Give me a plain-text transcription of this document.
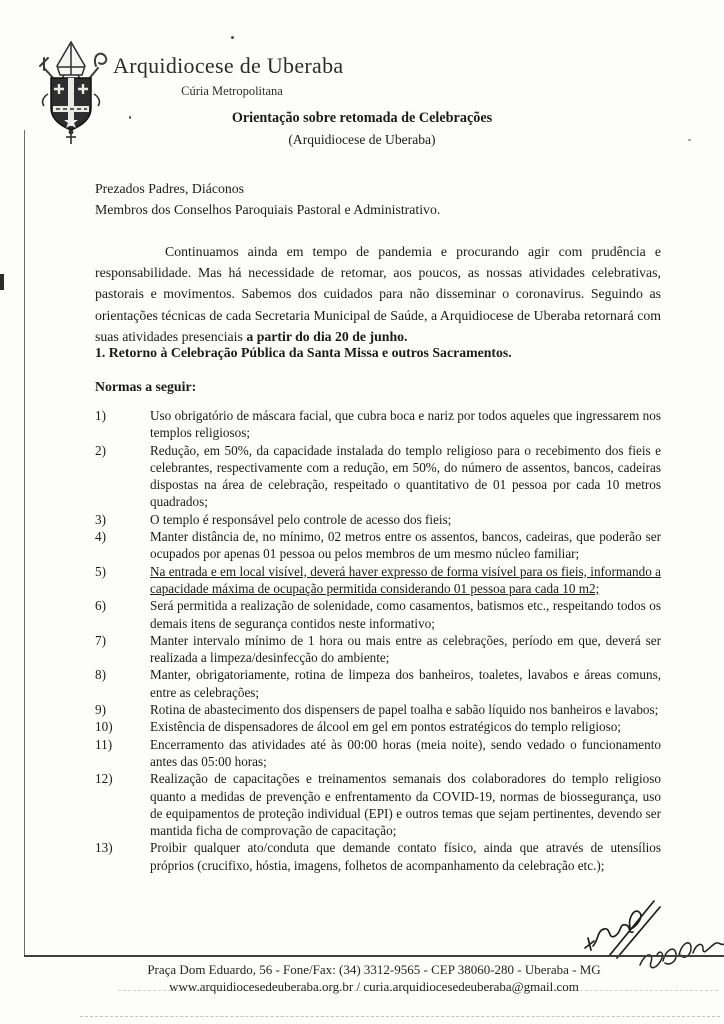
Arquidiocese de Uberaba
Cúria Metropolitana
Orientação sobre retomada de Celebrações
(Arquidiocese de Uberaba)
Prezados Padres, Diáconos
Membros dos Conselhos Paroquiais Pastoral e Administrativo.
Continuamos ainda em tempo de pandemia e procurando agir com prudência e responsabilidade. Mas há necessidade de retomar, aos poucos, as nossas atividades celebrativas, pastorais e movimentos. Sabemos dos cuidados para não disseminar o coronavirus. Seguindo as orientações técnicas de cada Secretaria Municipal de Saúde, a Arquidiocese de Uberaba retornará com suas atividades presenciais a partir do dia 20 de junho.
1. Retorno à Celebração Pública da Santa Missa e outros Sacramentos.
Normas a seguir:
1)	Uso obrigatório de máscara facial, que cubra boca e nariz por todos aqueles que ingressarem nos templos religiosos;
2)	Redução, em 50%, da capacidade instalada do templo religioso para o recebimento dos fieis e celebrantes, respectivamente com a redução, em 50%, do número de assentos, bancos, cadeiras dispostas na área de celebração, respeitado o quantitativo de 01 pessoa por cada 10 metros quadrados;
3)	O templo é responsável pelo controle de acesso dos fieis;
4)	Manter distância de, no mínimo, 02 metros entre os assentos, bancos, cadeiras, que poderão ser ocupados por apenas 01 pessoa ou pelos membros de um mesmo núcleo familiar;
5)	Na entrada e em local visível, deverá haver expresso de forma visível para os fieis, informando a capacidade máxima de ocupação permitida considerando 01 pessoa para cada 10 m2;
6)	Será permitida a realização de solenidade, como casamentos, batismos etc., respeitando todos os demais itens de segurança contidos neste informativo;
7)	Manter intervalo mínimo de 1 hora ou mais entre as celebrações, período em que, deverá ser realizada a limpeza/desinfecção do ambiente;
8)	Manter, obrigatoriamente, rotina de limpeza dos banheiros, toaletes, lavabos e áreas comuns, entre as celebrações;
9)	Rotina de abastecimento dos dispensers de papel toalha e sabão líquido nos banheiros e lavabos;
10)	Existência de dispensadores de álcool em gel em pontos estratégicos do templo religioso;
11)	Encerramento das atividades até às 00:00 horas (meia noite), sendo vedado o funcionamento antes das 05:00 horas;
12)	Realização de capacitações e treinamentos semanais dos colaboradores do templo religioso quanto a medidas de prevenção e enfrentamento da COVID-19, normas de biossegurança, uso de equipamentos de proteção individual (EPI) e outros temas que sejam pertinentes, devendo ser mantida ficha de comprovação de capacitação;
13)	Proibir qualquer ato/conduta que demande contato físico, ainda que através de utensílios próprios (crucifixo, hóstia, imagens, folhetos de acompanhamento da celebração etc.);
Praça Dom Eduardo, 56 - Fone/Fax: (34) 3312-9565 - CEP 38060-280 - Uberaba - MG
www.arquidiocesedeuberaba.org.br / curia.arquidiocesedeuberaba@gmail.com
